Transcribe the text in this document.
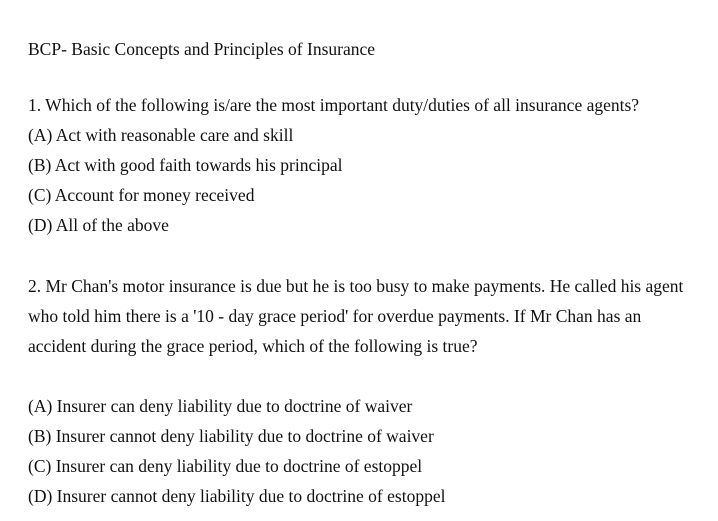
BCP- Basic Concepts and Principles of Insurance
1. Which of the following is/are the most important duty/duties of all insurance agents?
(A) Act with reasonable care and skill
(B) Act with good faith towards his principal
(C) Account for money received
(D) All of the above
2. Mr Chan's motor insurance is due but he is too busy to make payments. He called his agent
who told him there is a '10 - day grace period' for overdue payments. If Mr Chan has an
accident during the grace period, which of the following is true?
(A) Insurer can deny liability due to doctrine of waiver
(B) Insurer cannot deny liability due to doctrine of waiver
(C) Insurer can deny liability due to doctrine of estoppel
(D) Insurer cannot deny liability due to doctrine of estoppel
